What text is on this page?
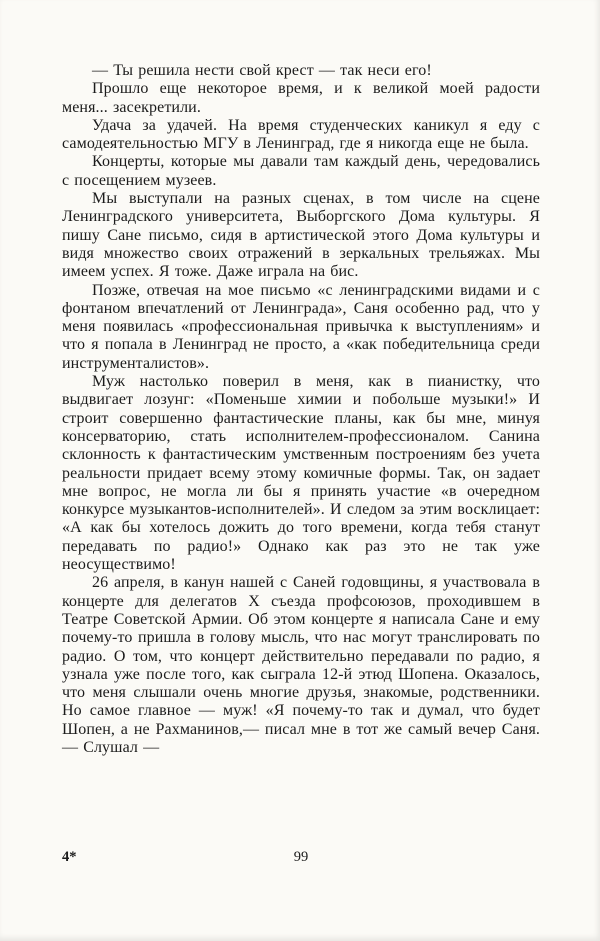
— Ты решила нести свой крест — так неси его!

Прошло еще некоторое время, и к великой моей радости меня... засекретили.

Удача за удачей. На время студенческих каникул я еду с самодеятельностью МГУ в Ленинград, где я никогда еще не была.

Концерты, которые мы давали там каждый день, чередовались с посещением музеев.

Мы выступали на разных сценах, в том числе на сцене Ленинградского университета, Выборгского Дома культуры. Я пишу Сане письмо, сидя в артистической этого Дома культуры и видя множество своих отражений в зеркальных трельяжах. Мы имеем успех. Я тоже. Даже играла на бис.

Позже, отвечая на мое письмо «с ленинградскими видами и с фонтаном впечатлений от Ленинграда», Саня особенно рад, что у меня появилась «профессиональная привычка к выступлениям» и что я попала в Ленинград не просто, а «как победительница среди инструменталистов».

Муж настолько поверил в меня, как в пианистку, что выдвигает лозунг: «Поменьше химии и побольше музыки!» И строит совершенно фантастические планы, как бы мне, минуя консерваторию, стать исполнителем-профессионалом. Санина склонность к фантастическим умственным построениям без учета реальности придает всему этому комичные формы. Так, он задает мне вопрос, не могла ли бы я принять участие «в очередном конкурсе музыкантов-исполнителей». И следом за этим восклицает: «А как бы хотелось дожить до того времени, когда тебя станут передавать по радио!» Однако как раз это не так уже неосуществимо!

26 апреля, в канун нашей с Саней годовщины, я участвовала в концерте для делегатов X съезда профсоюзов, проходившем в Театре Советской Армии. Об этом концерте я написала Сане и ему почему-то пришла в голову мысль, что нас могут транслировать по радио. О том, что концерт действительно передавали по радио, я узнала уже после того, как сыграла 12-й этюд Шопена. Оказалось, что меня слышали очень многие друзья, знакомые, родственники. Но самое главное — муж! «Я почему-то так и думал, что будет Шопен, а не Рахманинов,— писал мне в тот же самый вечер Саня.— Слушал —

4*	99
